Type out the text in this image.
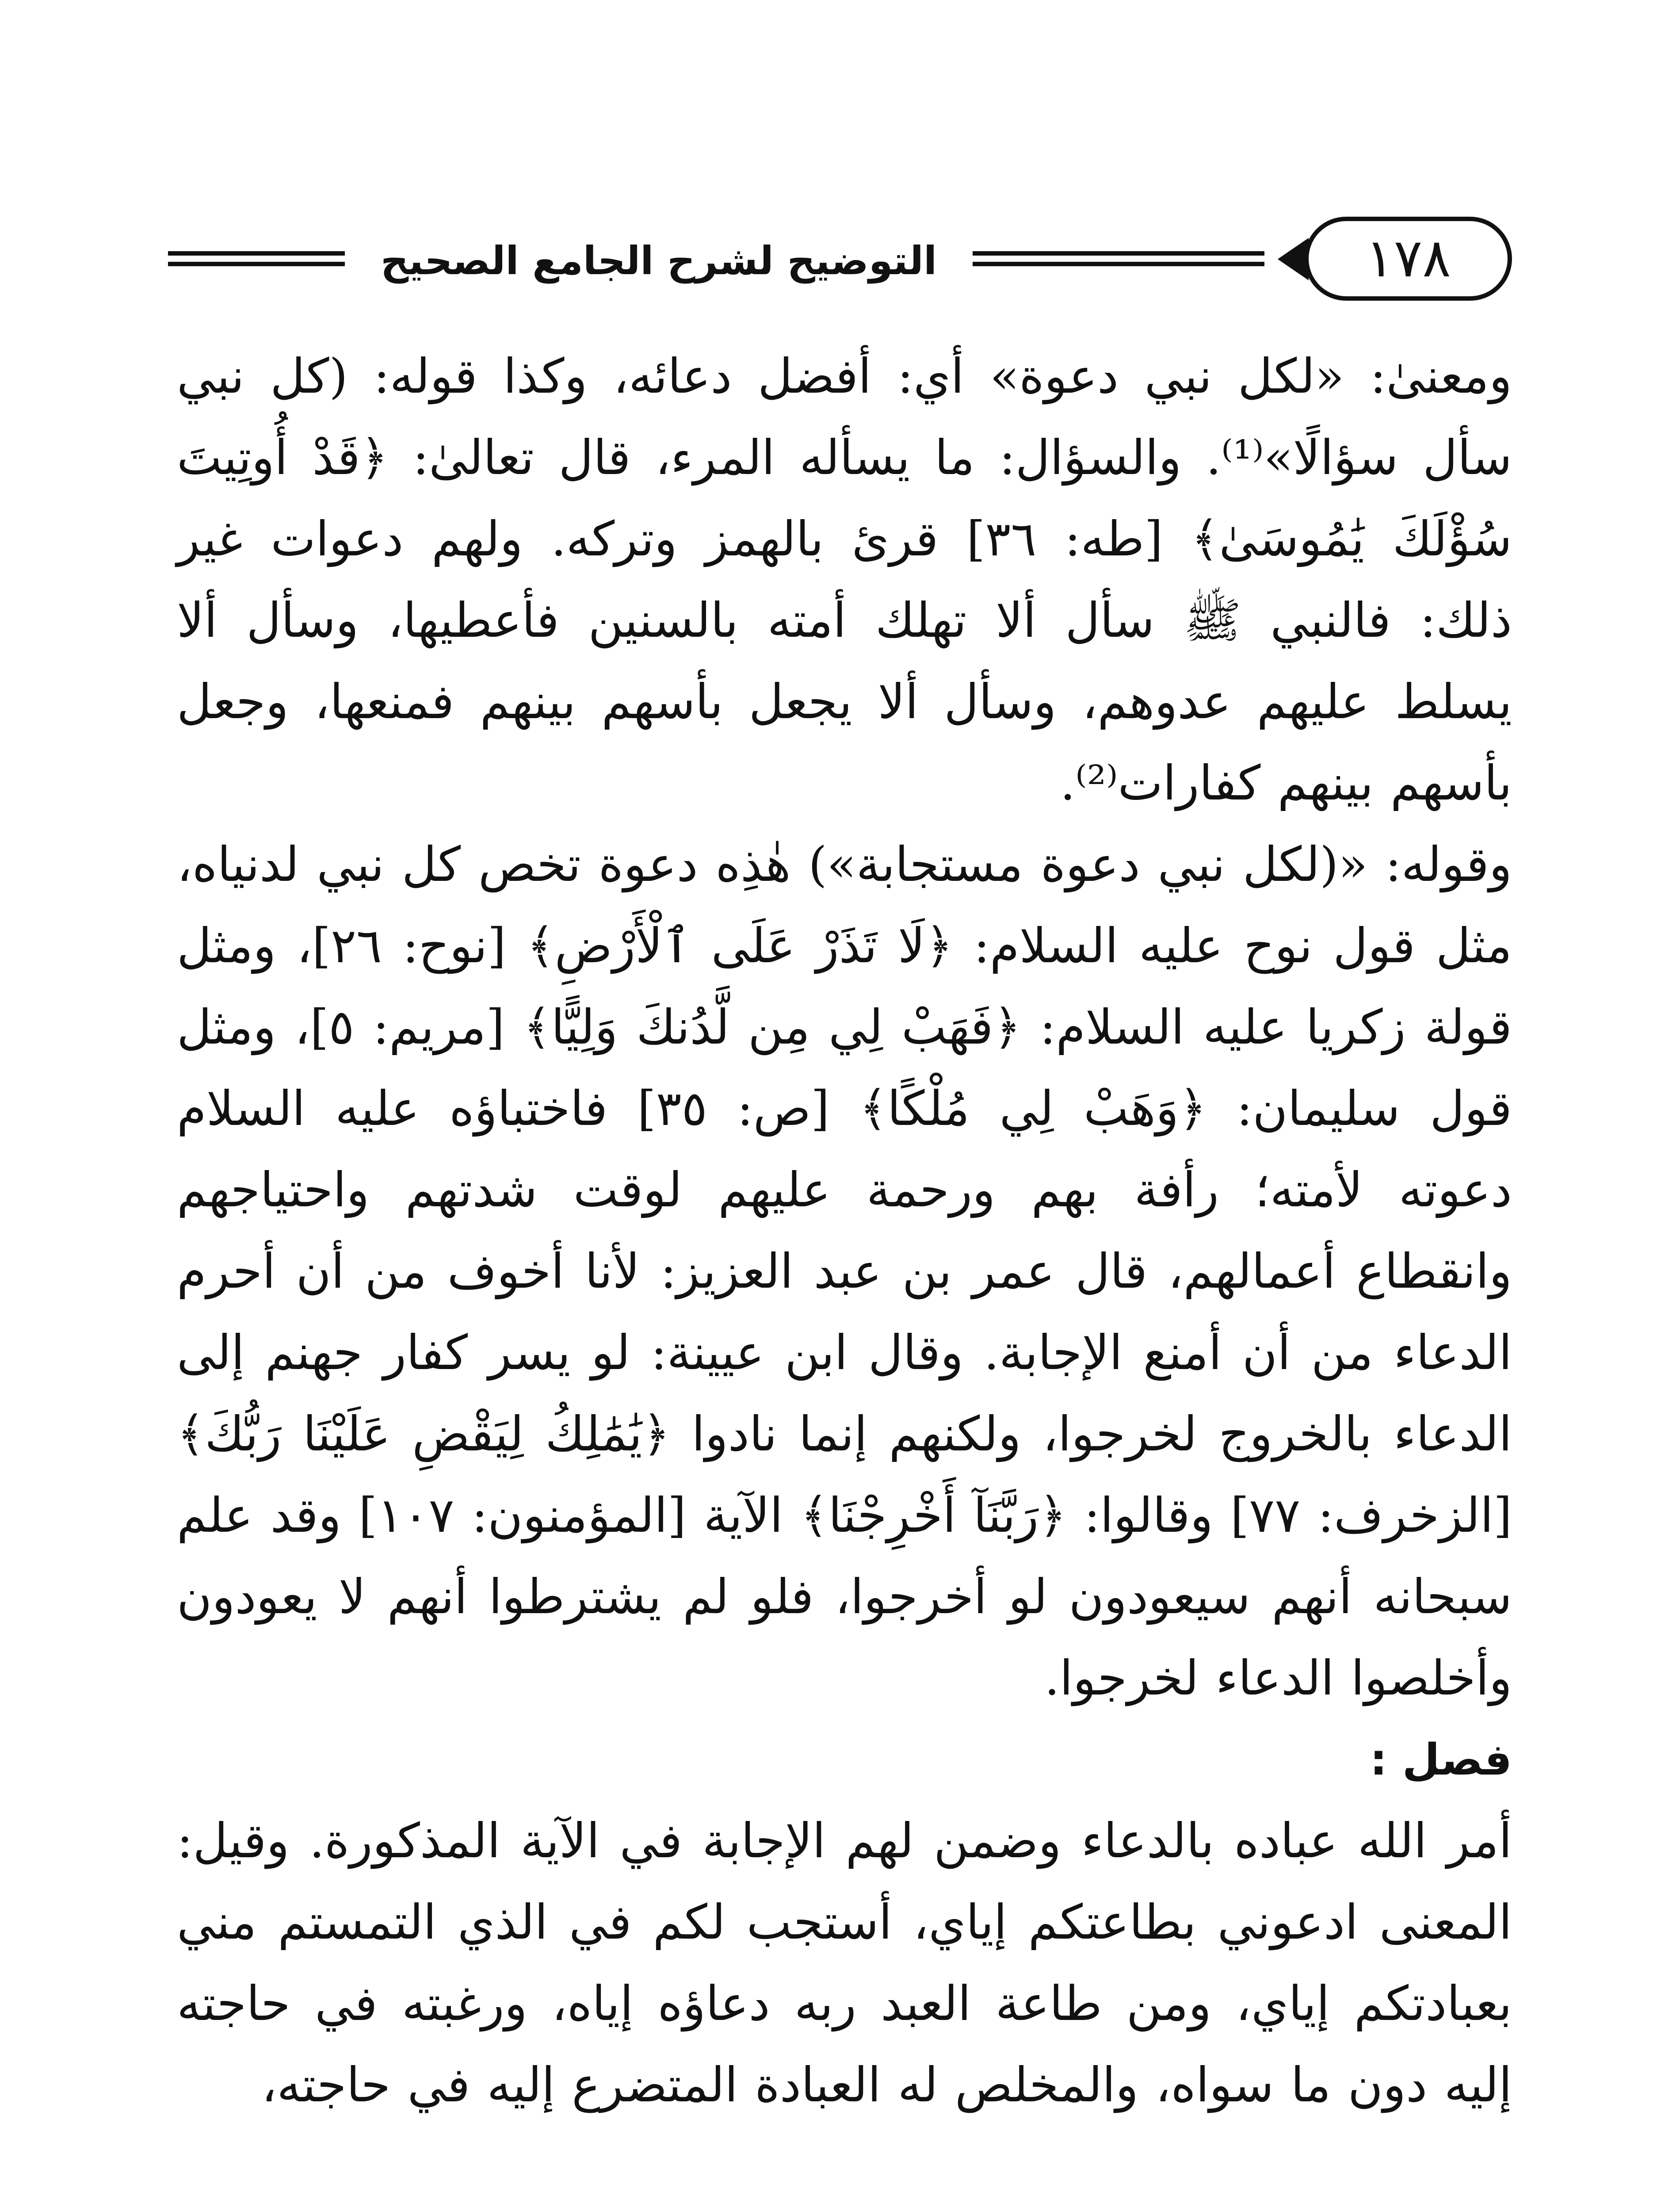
١٧٨
التوضيح لشرح الجامع الصحيح

ومعنىٰ: «لكل نبي دعوة» أي: أفضل دعائه، وكذا قوله: (كل نبي سأل سؤالًا»⁽¹⁾. والسؤال: ما يسأله المرء، قال تعالىٰ: ﴿قَدْ أُوتِيتَ سُؤْلَكَ يَٰمُوسَىٰ﴾ [طه: ٣٦] قرئ بالهمز وتركه. ولهم دعوات غير ذلك: فالنبي ﷺ سأل ألا تهلك أمته بالسنين فأعطيها، وسأل ألا يسلط عليهم عدوهم، وسأل ألا يجعل بأسهم بينهم فمنعها، وجعل بأسهم بينهم كفارات⁽²⁾.

وقوله: «(لكل نبي دعوة مستجابة») هٰذِه دعوة تخص كل نبي لدنياه، مثل قول نوح عليه السلام: ﴿لَا تَذَرْ عَلَى ٱلْأَرْضِ﴾ [نوح: ٢٦]، ومثل قولة زكريا عليه السلام: ﴿فَهَبْ لِي مِن لَّدُنكَ وَلِيًّا﴾ [مريم: ٥]، ومثل قول سليمان: ﴿وَهَبْ لِي مُلْكًا﴾ [ص: ٣٥] فاختباؤه عليه السلام دعوته لأمته؛ رأفة بهم ورحمة عليهم لوقت شدتهم واحتياجهم وانقطاع أعمالهم، قال عمر بن عبد العزيز: لأنا أخوف من أن أحرم الدعاء من أن أمنع الإجابة. وقال ابن عيينة: لو يسر كفار جهنم إلى الدعاء بالخروج لخرجوا، ولكنهم إنما نادوا ﴿يَٰمَٰلِكُ لِيَقْضِ عَلَيْنَا رَبُّكَ﴾ [الزخرف: ٧٧] وقالوا: ﴿رَبَّنَآ أَخْرِجْنَا﴾ الآية [المؤمنون: ١٠٧] وقد علم سبحانه أنهم سيعودون لو أخرجوا، فلو لم يشترطوا أنهم لا يعودون وأخلصوا الدعاء لخرجوا.

فصل :

أمر الله عباده بالدعاء وضمن لهم الإجابة في الآية المذكورة. وقيل: المعنى ادعوني بطاعتكم إياي، أستجب لكم في الذي التمستم مني بعبادتكم إياي، ومن طاعة العبد ربه دعاؤه إياه، ورغبته في حاجته إليه دون ما سواه، والمخلص له العبادة المتضرع إليه في حاجته،
